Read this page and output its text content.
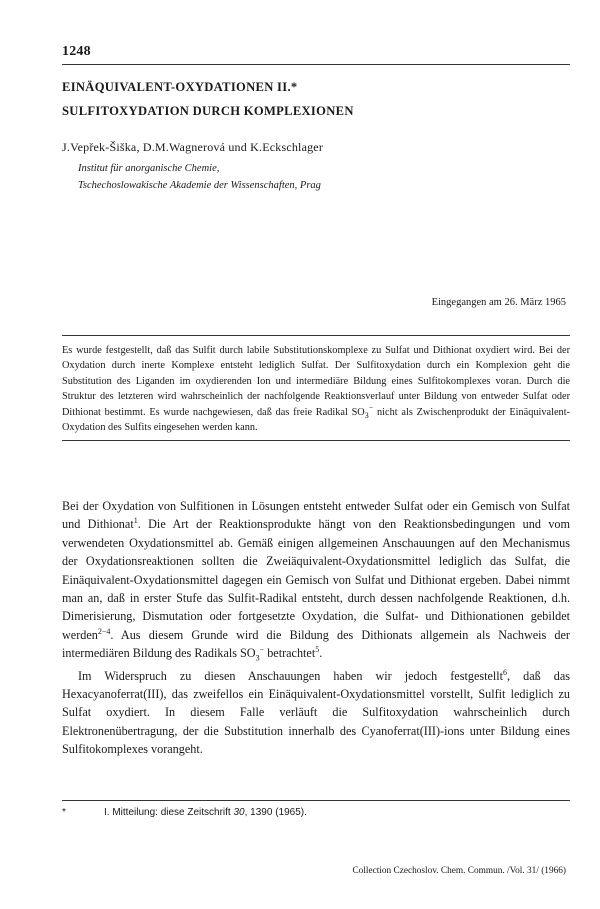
1248
EINÄQUIVALENT-OXYDATIONEN II.*
SULFITOXYDATION DURCH KOMPLEXIONEN
J.Vepřek-Šiška, D.M.Wagnerová und K.Eckschlager
Institut für anorganische Chemie,
Tschechoslowakische Akademie der Wissenschaften, Prag
Eingegangen am 26. März 1965
Es wurde festgestellt, daß das Sulfit durch labile Substitutionskomplexe zu Sulfat und Dithionat oxydiert wird. Bei der Oxydation durch inerte Komplexe entsteht lediglich Sulfat. Der Sulfitoxydation durch ein Komplexion geht die Substitution des Liganden im oxydierenden Ion und intermediäre Bildung eines Sulfitokomplexes voran. Durch die Struktur des letzteren wird wahrscheinlich der nachfolgende Reaktionsverlauf unter Bildung von entweder Sulfat oder Dithionat bestimmt. Es wurde nachgewiesen, daß das freie Radikal $SO_3^-$ nicht als Zwischenprodukt der Einäquivalent-Oxydation des Sulfits eingesehen werden kann.

Bei der Oxydation von Sulfitionen in Lösungen entsteht entweder Sulfat oder ein Gemisch von Sulfat und Dithionat$^1$. Die Art der Reaktionsprodukte hängt von den Reaktionsbedingungen und vom verwendeten Oxydationsmittel ab. Gemäß einigen allgemeinen Anschauungen auf den Mechanismus der Oxydationsreaktionen sollten die Zweiäquivalent-Oxydationsmittel lediglich das Sulfat, die Einäquivalent-Oxydationsmittel dagegen ein Gemisch von Sulfat und Dithionat ergeben. Dabei nimmt man an, daß in erster Stufe das Sulfit-Radikal entsteht, durch dessen nachfolgende Reaktionen, d.h. Dimerisierung, Dismutation oder fortgesetzte Oxydation, die Sulfat- und Dithionationen gebildet werden$^{2-4}$. Aus diesem Grunde wird die Bildung des Dithionats allgemein als Nachweis der intermediären Bildung des Radikals $SO_3^-$ betrachtet$^5$.

Im Widerspruch zu diesen Anschauungen haben wir jedoch festgestellt$^6$, daß das Hexacyanoferrat(III), das zweifellos ein Einäquivalent-Oxydationsmittel vorstellt, Sulfit lediglich zu Sulfat oxydiert. In diesem Falle verläuft die Sulfitoxydation wahrscheinlich durch Elektronenübertragung, der die Substitution innerhalb des Cyanoferrat(III)-ions unter Bildung eines Sulfitokomplexes vorangeht.

*	I. Mitteilung: diese Zeitschrift 30, 1390 (1965).
Collection Czechoslov. Chem. Commun. /Vol. 31/ (1966)
